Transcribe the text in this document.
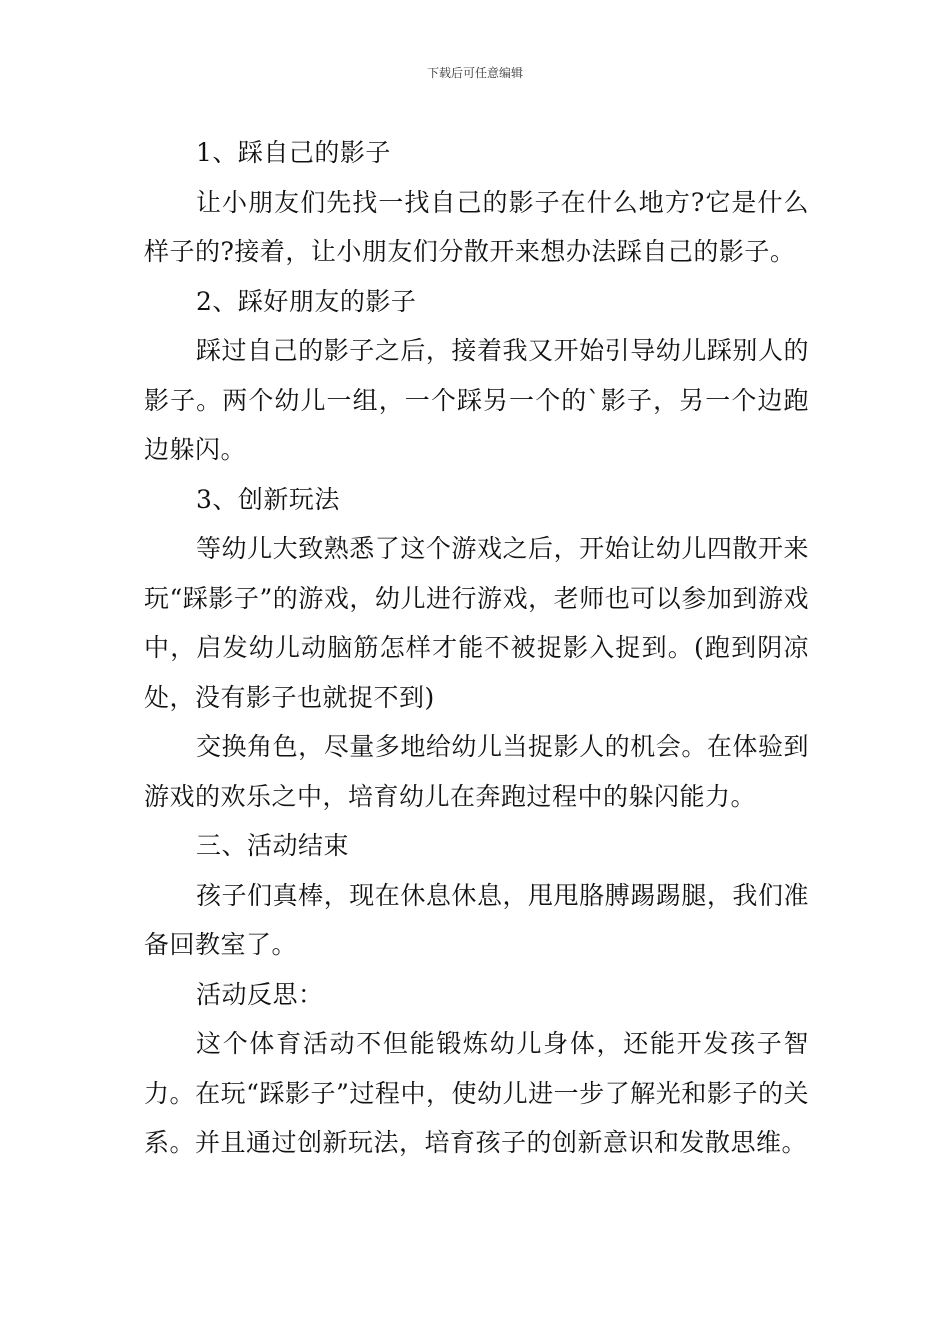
下载后可任意编辑

1、踩自己的影子

让小朋友们先找一找自己的影子在什么地方?它是什么样子的?接着，让小朋友们分散开来想办法踩自己的影子。

2、踩好朋友的影子

踩过自己的影子之后，接着我又开始引导幼儿踩别人的影子。两个幼儿一组，一个踩另一个的`影子，另一个边跑边躲闪。

3、创新玩法

等幼儿大致熟悉了这个游戏之后，开始让幼儿四散开来玩“踩影子”的游戏，幼儿进行游戏，老师也可以参加到游戏中，启发幼儿动脑筋怎样才能不被捉影入捉到。(跑到阴凉处，没有影子也就捉不到)

交换角色，尽量多地给幼儿当捉影人的机会。在体验到游戏的欢乐之中，培育幼儿在奔跑过程中的躲闪能力。

三、活动结束

孩子们真棒，现在休息休息，甩甩胳膊踢踢腿，我们准备回教室了。

活动反思：

这个体育活动不但能锻炼幼儿身体，还能开发孩子智力。在玩“踩影子”过程中，使幼儿进一步了解光和影子的关系。并且通过创新玩法，培育孩子的创新意识和发散思维。
